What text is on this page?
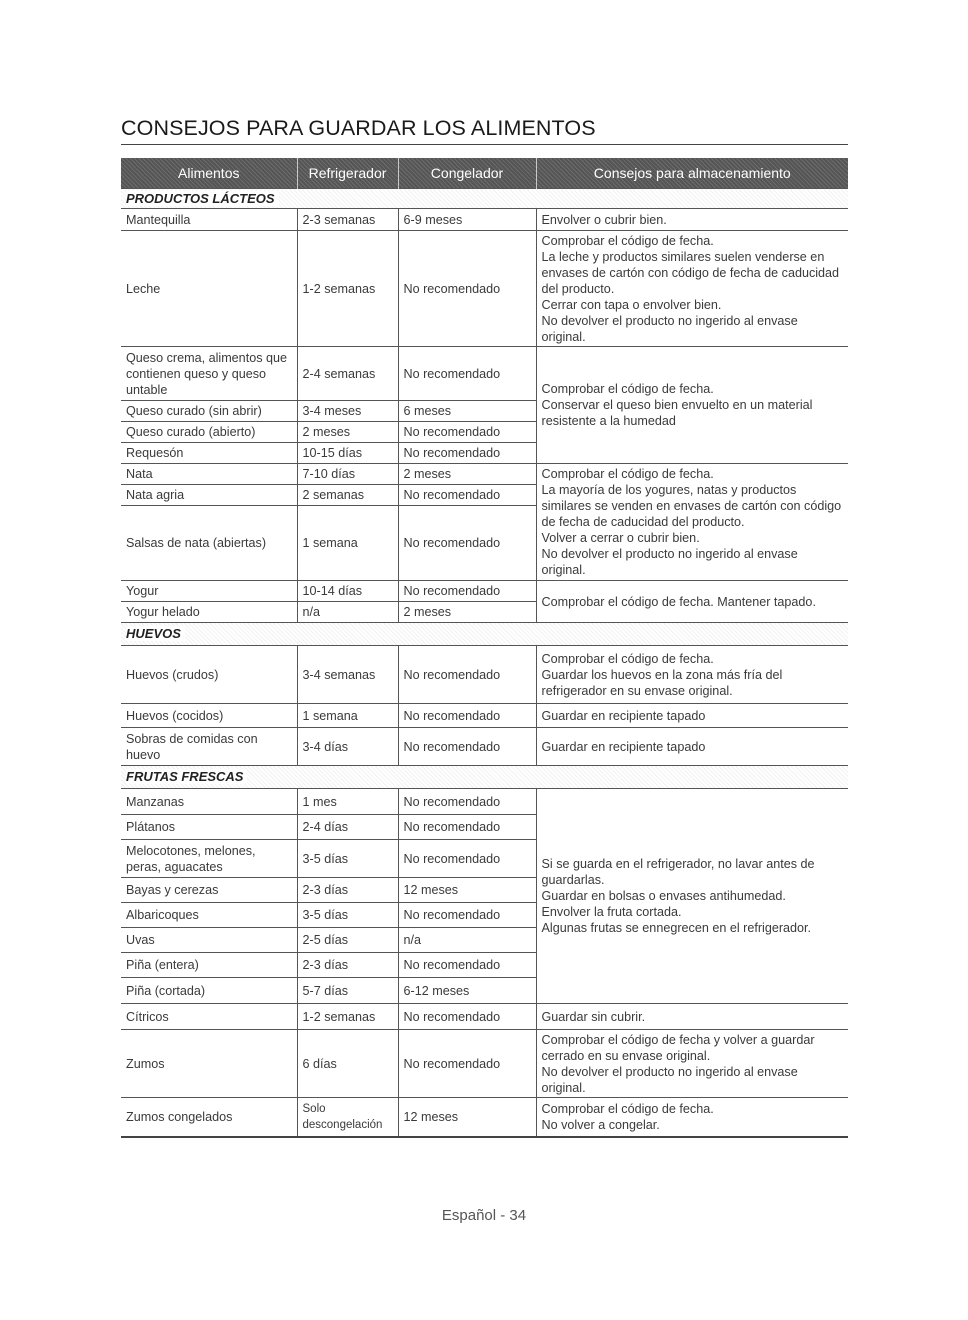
CONSEJOS PARA GUARDAR LOS ALIMENTOS
Alimentos	Refrigerador	Congelador	Consejos para almacenamiento
PRODUCTOS LÁCTEOS			
Mantequilla	2-3 semanas	6-9 meses	Envolver o cubrir bien.

Leche	1-2 semanas	No recomendado	Comprobar el código de fecha.
La leche y productos similares suelen venderse en envases de cartón con código de fecha de caducidad del producto.
Cerrar con tapa o envolver bien.
No devolver el producto no ingerido al envase original.

Queso crema, alimentos que contienen queso y queso untable	2-4 semanas	No recomendado	Comprobar el código de fecha.
Conservar el queso bien envuelto en un material resistente a la humedad

Queso curado (sin abrir)	3-4 meses	6 meses	
Queso curado (abierto)	2 meses	No recomendado	
Requesón	10-15 días	No recomendado	
Nata	7-10 días	2 meses	Comprobar el código de fecha.
La mayoría de los yogures, natas y productos similares se venden en envases de cartón con código de fecha de caducidad del producto.
Volver a cerrar o cubrir bien.
No devolver el producto no ingerido al envase original.

Nata agria	2 semanas	No recomendado	
Salsas de nata (abiertas)	1 semana	No recomendado	
Yogur	10-14 días	No recomendado	Comprobar el código de fecha. Mantener tapado.

Yogur helado	n/a	2 meses	
HUEVOS			
Huevos (crudos)	3-4 semanas	No recomendado	Comprobar el código de fecha.
Guardar los huevos en la zona más fría del refrigerador en su envase original.

Huevos (cocidos)	1 semana	No recomendado	Guardar en recipiente tapado

Sobras de comidas con huevo	3-4 días	No recomendado	Guardar en recipiente tapado

FRUTAS FRESCAS			
Manzanas	1 mes	No recomendado	Si se guarda en el refrigerador, no lavar antes de guardarlas.
Guardar en bolsas o envases antihumedad.
Envolver la fruta cortada.
Algunas frutas se ennegrecen en el refrigerador.

Plátanos	2-4 días	No recomendado	
Melocotones, melones, peras, aguacates	3-5 días	No recomendado	
Bayas y cerezas	2-3 días	12 meses	
Albaricoques	3-5 días	No recomendado	
Uvas	2-5 días	n/a	
Piña (entera)	2-3 días	No recomendado	
Piña (cortada)	5-7 días	6-12 meses	
Cítricos	1-2 semanas	No recomendado	Guardar sin cubrir.

Zumos	6 días	No recomendado	Comprobar el código de fecha y volver a guardar cerrado en su envase original.
No devolver el producto no ingerido al envase original.

Zumos congelados	Solo descongelación	12 meses	Comprobar el código de fecha.
No volver a congelar.
Español - 34
